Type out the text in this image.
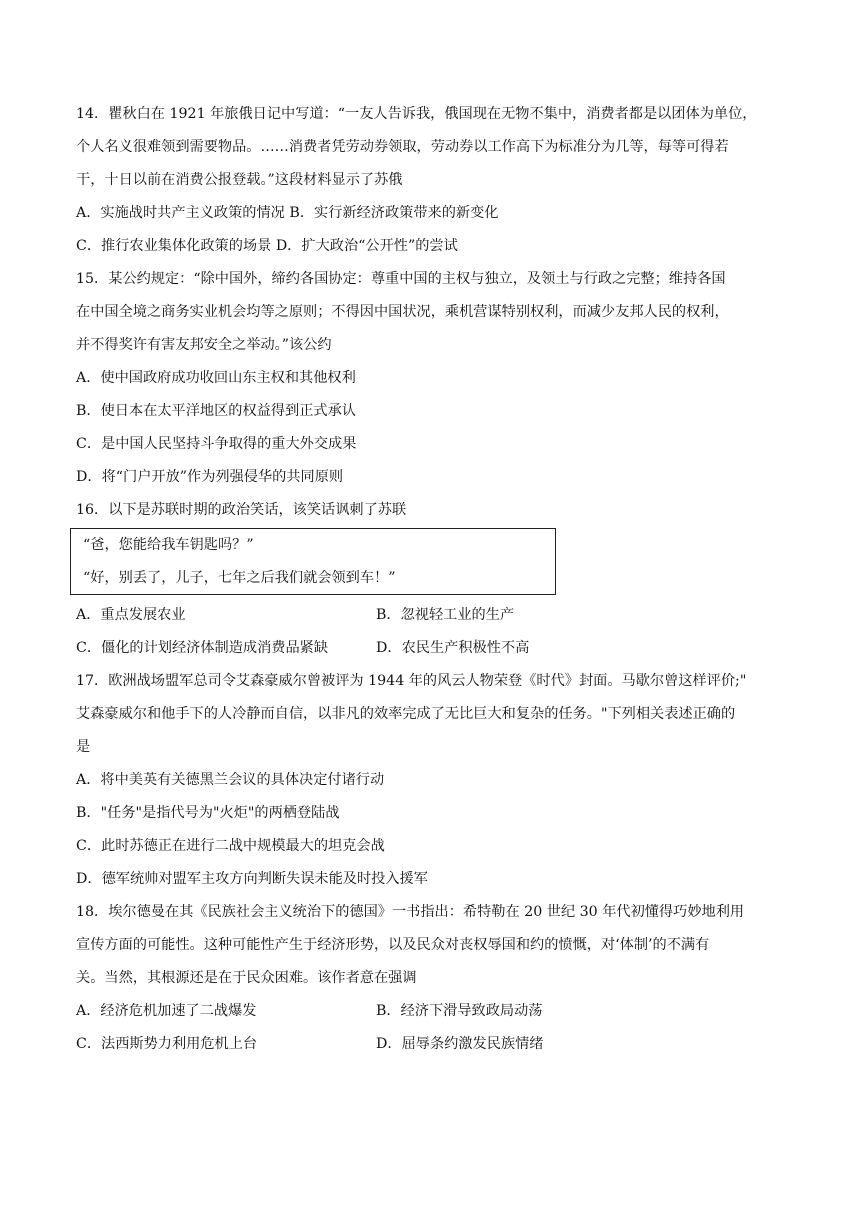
14．瞿秋白在 1921 年旅俄日记中写道：“一友人告诉我，俄国现在无物不集中，消费者都是以团体为单位，

个人名义很难领到需要物品。……消费者凭劳动券领取，劳动券以工作高下为标准分为几等，每等可得若

干，十日以前在消费公报登载。”这段材料显示了苏俄

A．实施战时共产主义政策的情况 B．实行新经济政策带来的新变化
C．推行农业集体化政策的场景 D．扩大政治“公开性”的尝试

15．某公约规定：“除中国外，缔约各国协定：尊重中国的主权与独立，及领土与行政之完整；维持各国

在中国全境之商务实业机会均等之原则；不得因中国状况，乘机营谋特别权利，而减少友邦人民的权利，

并不得奖许有害友邦安全之举动。”该公约

A．使中国政府成功收回山东主权和其他权利
B．使日本在太平洋地区的权益得到正式承认
C．是中国人民坚持斗争取得的重大外交成果
D．将“门户开放”作为列强侵华的共同原则

16．以下是苏联时期的政治笑话，该笑话讽刺了苏联

“爸，您能给我车钥匙吗？”

“好，别丢了，儿子，七年之后我们就会领到车！”

A．重点发展农业	B．忽视轻工业的生产
C．僵化的计划经济体制造成消费品紧缺	D．农民生产积极性不高

17．欧洲战场盟军总司令艾森豪威尔曾被评为 1944 年的风云人物荣登《时代》封面。马歇尔曾这样评价;"

艾森豪威尔和他手下的人冷静而自信，以非凡的效率完成了无比巨大和复杂的任务。"下列相关表述正确的

是

A．将中美英有关德黑兰会议的具体决定付诸行动
B．"任务"是指代号为"火炬"的两栖登陆战
C．此时苏德正在进行二战中规模最大的坦克会战
D．德军统帅对盟军主攻方向判断失误未能及时投入援军

18．埃尔德曼在其《民族社会主义统治下的德国》一书指出：希特勒在 20 世纪 30 年代初懂得巧妙地利用

宣传方面的可能性。这种可能性产生于经济形势，以及民众对丧权辱国和约的愤慨，对‘体制’的不满有

关。当然，其根源还是在于民众困难。该作者意在强调

A．经济危机加速了二战爆发	B．经济下滑导致政局动荡
C．法西斯势力利用危机上台	D．屈辱条约激发民族情绪
